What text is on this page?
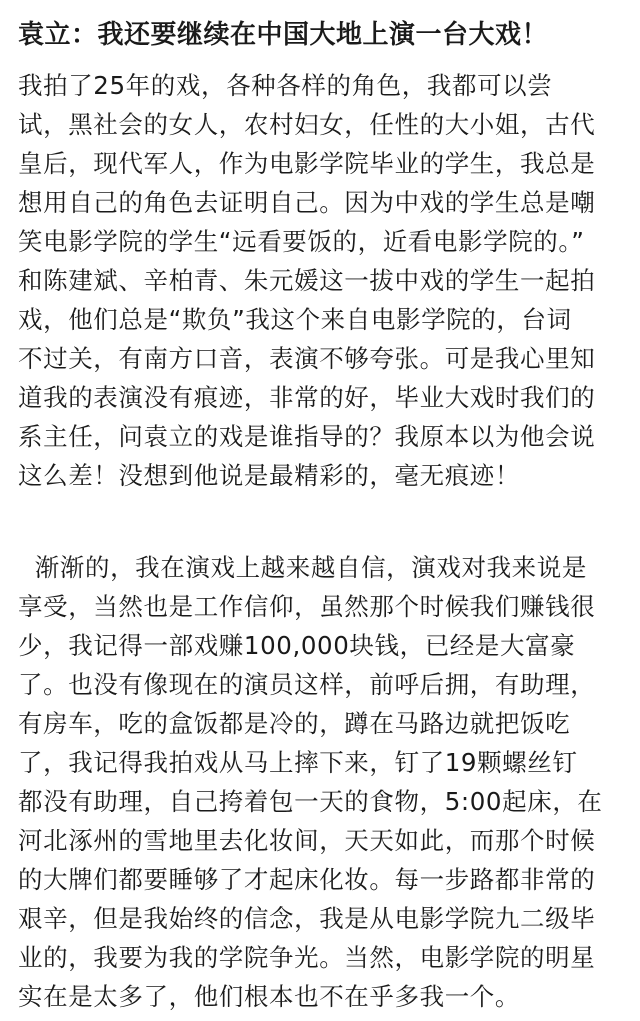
袁立：我还要继续在中国大地上演一台大戏！
我拍了25年的戏，各种各样的角色，我都可以尝
试，黑社会的女人，农村妇女，任性的大小姐，古代
皇后，现代军人，作为电影学院毕业的学生，我总是
想用自己的角色去证明自己。因为中戏的学生总是嘲
笑电影学院的学生“远看要饭的，近看电影学院的。”
和陈建斌、辛柏青、朱元媛这一拔中戏的学生一起拍
戏，他们总是“欺负”我这个来自电影学院的，台词
不过关，有南方口音，表演不够夸张。可是我心里知
道我的表演没有痕迹，非常的好，毕业大戏时我们的
系主任，问袁立的戏是谁指导的？我原本以为他会说
这么差！没想到他说是最精彩的，毫无痕迹！
渐渐的，我在演戏上越来越自信，演戏对我来说是
享受，当然也是工作信仰，虽然那个时候我们赚钱很
少，我记得一部戏赚100,000块钱，已经是大富豪
了。也没有像现在的演员这样，前呼后拥，有助理，
有房车，吃的盒饭都是冷的，蹲在马路边就把饭吃
了，我记得我拍戏从马上摔下来，钉了19颗螺丝钉
都没有助理，自己挎着包一天的食物，5:00起床，在
河北涿州的雪地里去化妆间，天天如此，而那个时候
的大牌们都要睡够了才起床化妆。每一步路都非常的
艰辛，但是我始终的信念，我是从电影学院九二级毕
业的，我要为我的学院争光。当然，电影学院的明星
实在是太多了，他们根本也不在乎多我一个。
